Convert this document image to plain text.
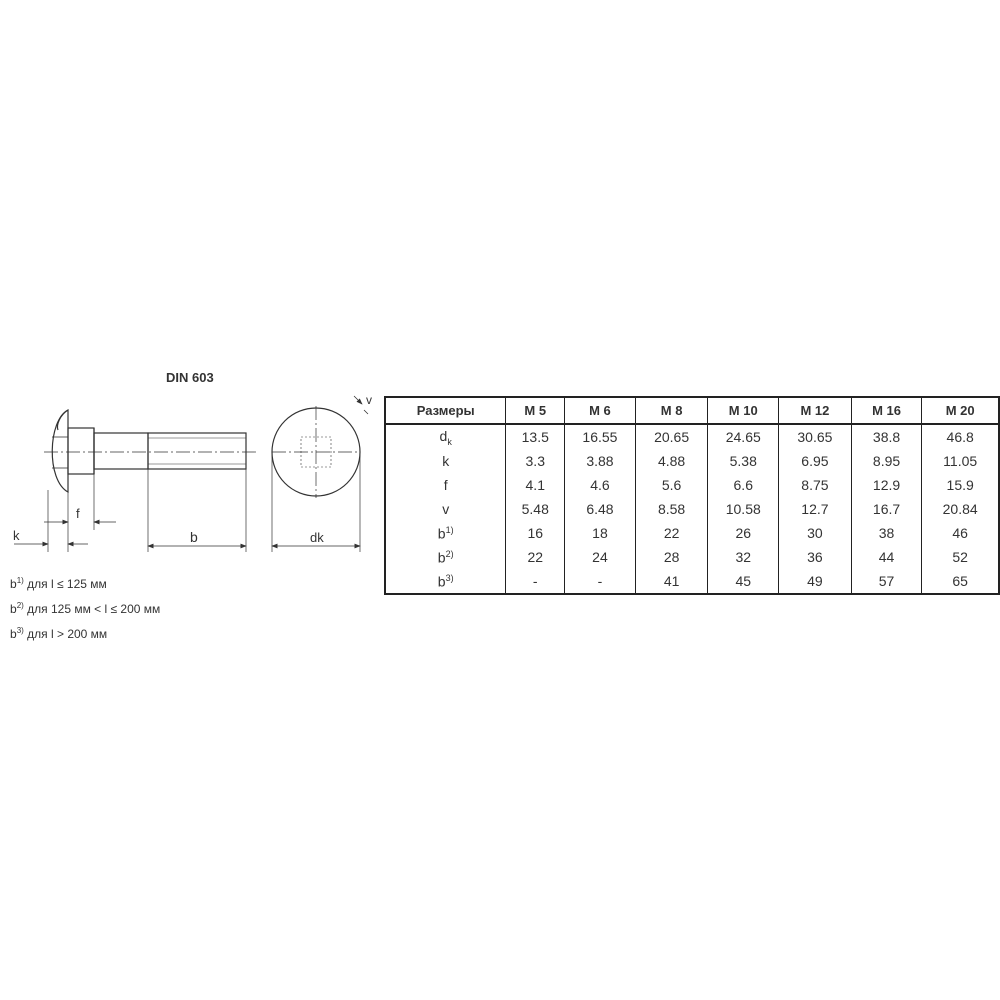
DIN 603
k
f
b	dk
v
$b^{1)}$ для l ≤ 125 мм
$b^{2)}$ для 125 мм < l ≤ 200 мм
$b^{3)}$ для l > 200 мм
Размеры	M 5	M 6	M 8	M 10	M 12	M 16	M 20
$d_k$	13.5	16.55	20.65	24.65	30.65	38.8	46.8
k	3.3	3.88	4.88	5.38	6.95	8.95	11.05
f	4.1	4.6	5.6	6.6	8.75	12.9	15.9
v	5.48	6.48	8.58	10.58	12.7	16.7	20.84
$b^{1)}$	16	18	22	26	30	38	46
$b^{2)}$	22	24	28	32	36	44	52
$b^{3)}$	-	-	41	45	49	57	65
